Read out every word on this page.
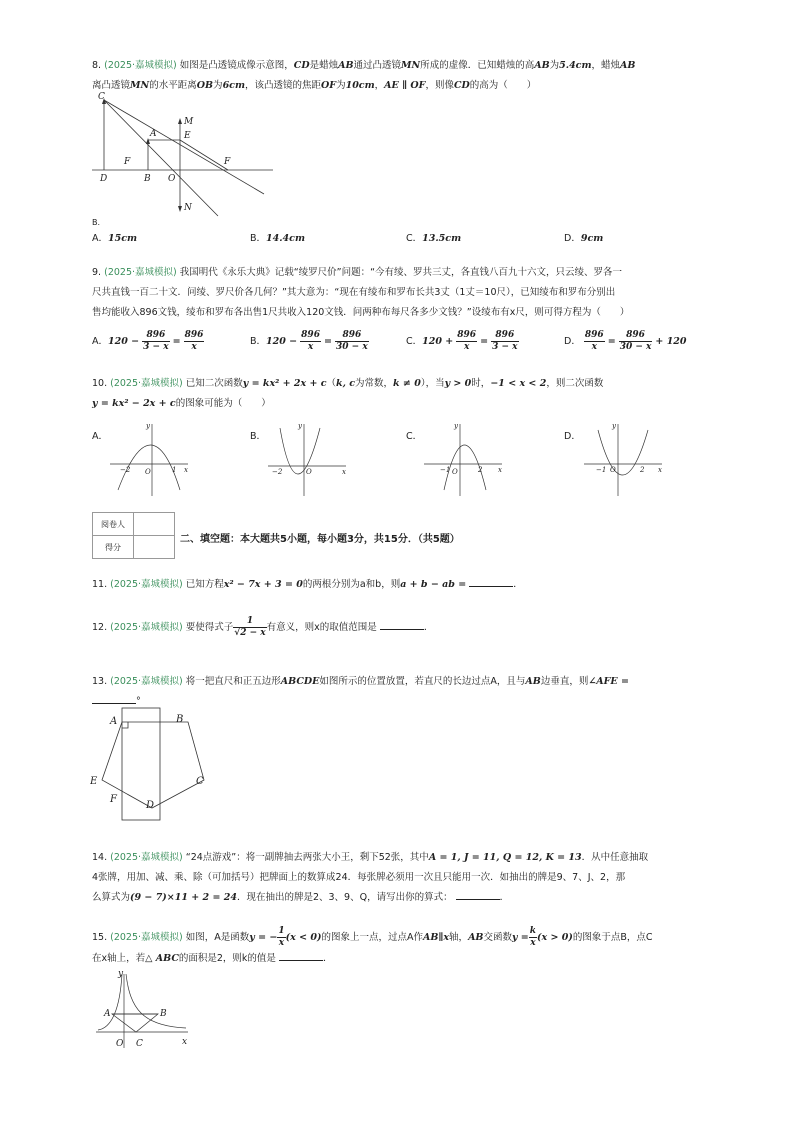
8. (2025·嘉城模拟) 如图是凸透镜成像示意图，CD是蜡烛AB通过凸透镜MN所成的虚像．已知蜡烛的高AB为5.4cm，蜡烛AB
离凸透镜MN的水平距离OB为6cm，该凸透镜的焦距OF为10cm，AE ∥ OF，则像CD的高为（　　）
C
M
A	E
F	F
D	B O
N
B.
A．15cm	B．14.4cm	C．13.5cm	D．9cm
9. (2025·嘉城模拟) 我国明代《永乐大典》记载“绫罗尺价”问题：“今有绫、罗共三丈，各直钱八百九十六文，只云绫、罗各一
尺共直钱一百二十文．问绫、罗尺价各几何？”其大意为：“现在有绫布和罗布长共3丈（1丈＝10尺），已知绫布和罗布分别出
售均能收入896文钱，绫布和罗布各出售1尺共收入120文钱．问两种布每尺各多少文钱？”设绫布有x尺，则可得方程为（　　）
A．$120 - \frac{896}{3 - x} = \frac{896}{x}$	B．$120 - \frac{896}{x} = \frac{896}{30 - x}$	C．$120 + \frac{896}{x} = \frac{896}{3 - x}$	D． $\frac{896}{x} = \frac{896}{30 - x} + 120$
10. (2025·嘉城模拟) 已知二次函数y = kx² + 2x + c（k, c为常数，k ≠ 0），当y > 0时，−1 < x < 2，则二次函数
y = kx² − 2x + c的图象可能为（　　）
A．
−2 O	1 x
y
B．
−2	O	x
y
C．
−1 O	2 x
y
D．
−1 O	2 x
y
阅卷人	
得分	
二、填空题：本大题共5小题，每小题3分，共15分．（共5题）
11. (2025·嘉城模拟) 已知方程x² − 7x + 3 = 0的两根分别为a和b，则a + b − ab =	．
12. (2025·嘉城模拟) 要使得式子 $\frac{1}{√2 - x}$ 有意义，则x的取值范围是	．
13. (2025·嘉城模拟) 将一把直尺和正五边形ABCDE如图所示的位置放置，若直尺的长边过点A，且与AB边垂直，则∠AFE =
°
A	B
C
D
E
F
14. (2025·嘉城模拟) “24点游戏”：将一副牌抽去两张大小王，剩下52张，其中A = 1, J = 11, Q = 12, K = 13．从中任意抽取
4张牌，用加、减、乘、除（可加括号）把牌面上的数算成24．每张牌必须用一次且只能用一次．如抽出的牌是9、7、J、2，那
么算式为(9 − 7)×11 + 2 = 24．现在抽出的牌是2、3、9、Q，请写出你的算式：	．
15. (2025·嘉城模拟) 如图，A是函数y = − $\frac{1}{x} (x < 0)$的图象上一点，过点A作AB∥x轴，AB交函数$y = \frac{k}{x} (x > 0)$的图象于点B，点C
在x轴上，若△ ABC的面积是2，则k的值是	．
y
x
A	B
O C
